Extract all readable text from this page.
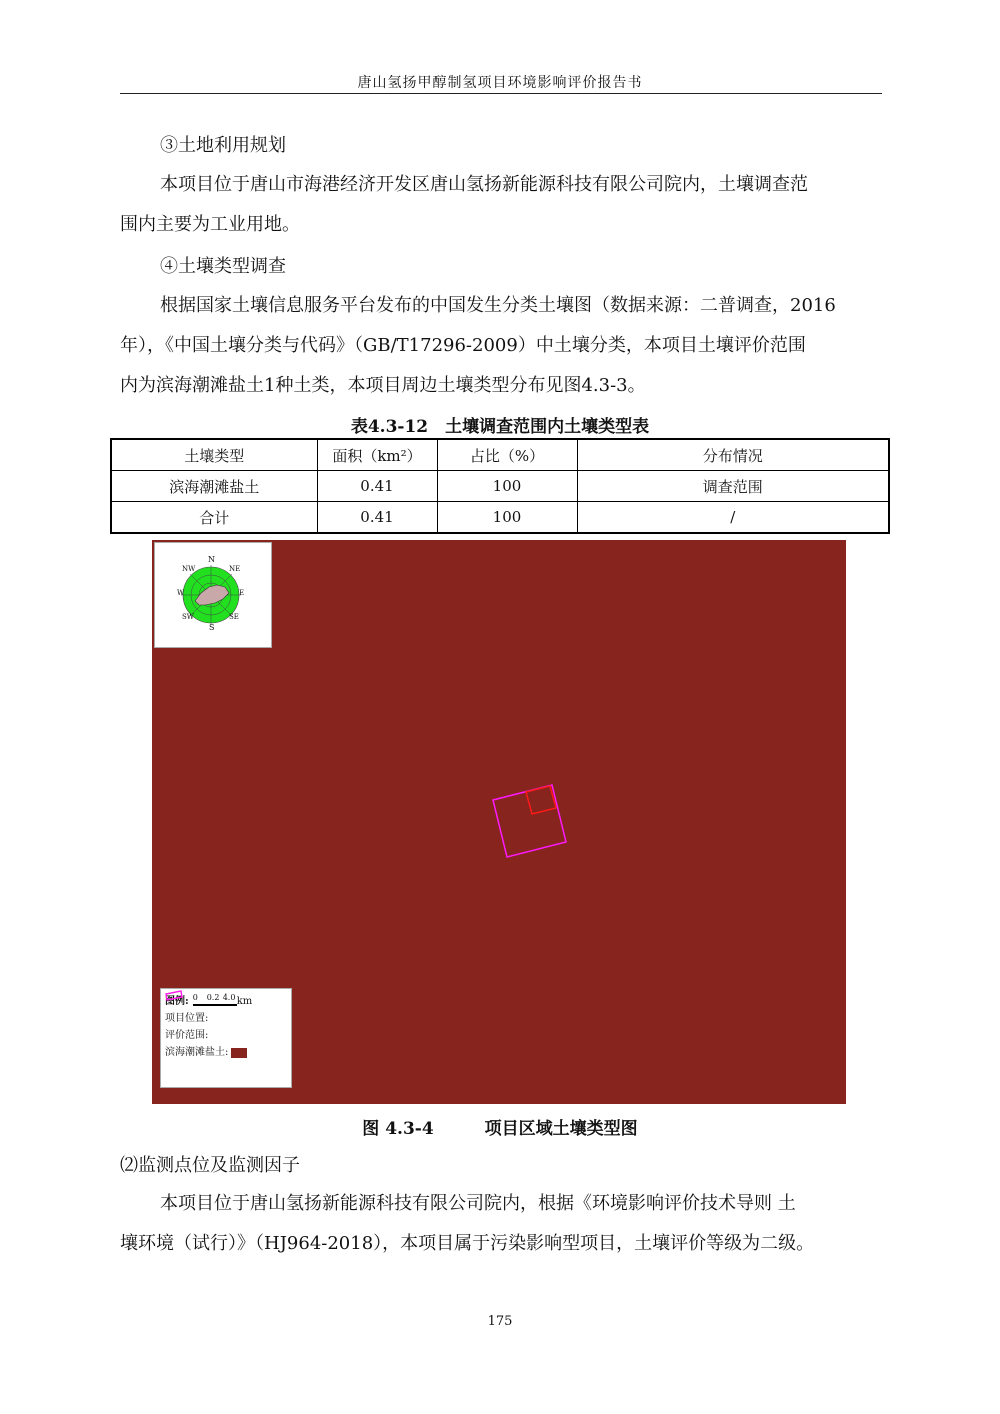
唐山氢扬甲醇制氢项目环境影响评价报告书

③土地利用规划

本项目位于唐山市海港经济开发区唐山氢扬新能源科技有限公司院内，土壤调查范
围内主要为工业用地。

④土壤类型调查

根据国家土壤信息服务平台发布的中国发生分类土壤图（数据来源：二普调查，2016
年），《中国土壤分类与代码》（GB/T17296-2009）中土壤分类，本项目土壤评价范围
内为滨海潮滩盐土1种土类，本项目周边土壤类型分布见图4.3-3。
表4.3-12　土壤调查范围内土壤类型表
土壤类型	面积（km²）	占比（%）	分布情况
滨海潮滩盐土	0.41	100	调查范围
合计	0.41	100	/
N
NW	NE
W	E
SW	SE
S
图例: 0 0.2 4.0 km
项目位置:
评价范围:
滨海潮滩盐土:
图 4.3-4　　　项目区域土壤类型图

⑵监测点位及监测因子

本项目位于唐山氢扬新能源科技有限公司院内，根据《环境影响评价技术导则 土
壤环境（试行）》（HJ964-2018），本项目属于污染影响型项目，土壤评价等级为二级。
175
